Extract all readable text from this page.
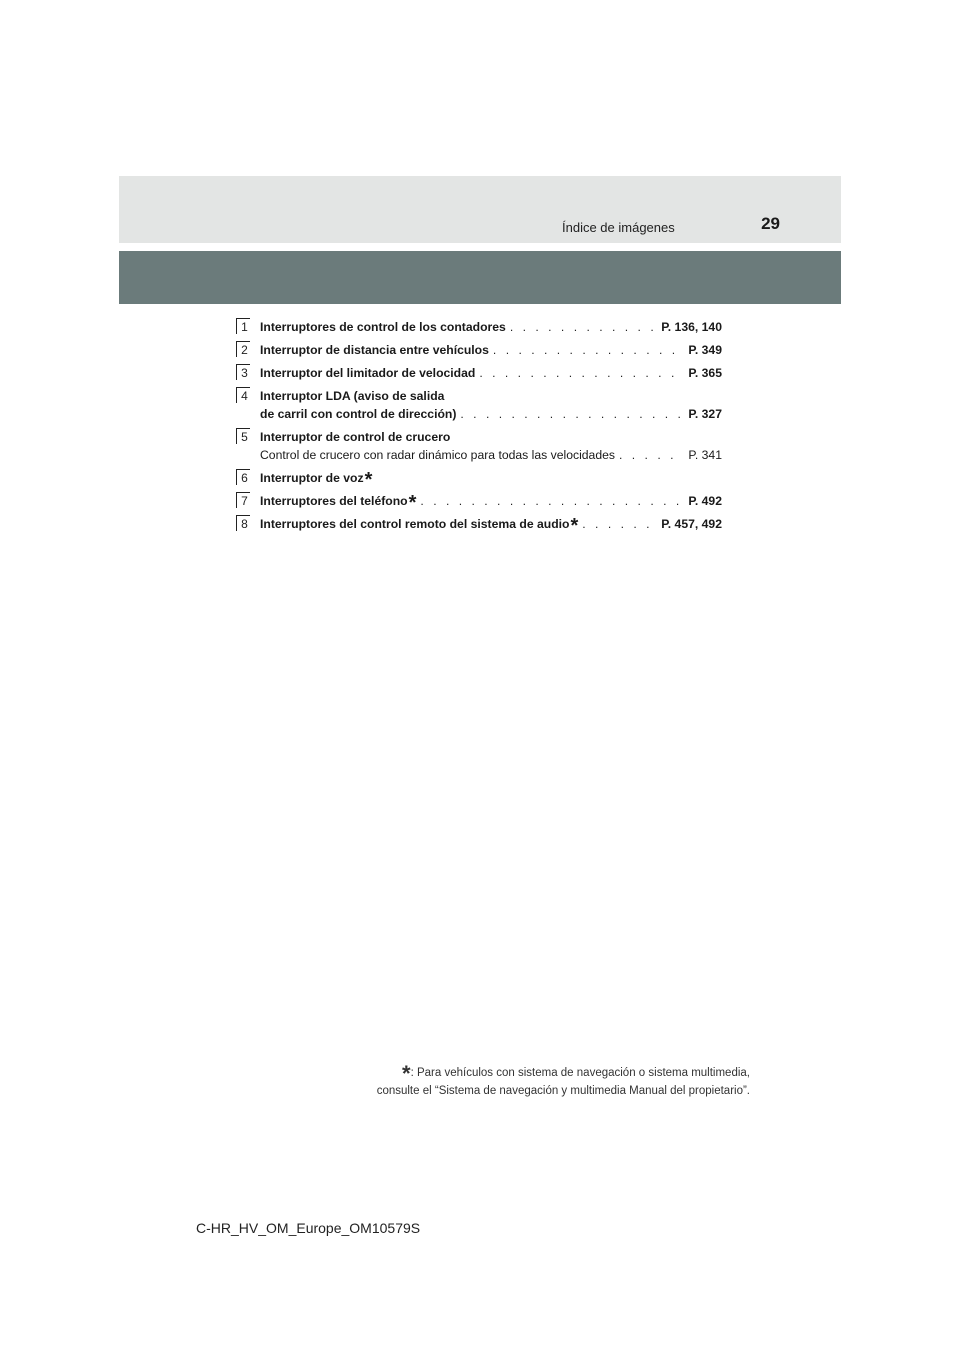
Índice de imágenes	29
1 Interruptores de control de los contadores . . .	P. 136, 140
2 Interruptor de distancia entre vehículos . . .	P. 349
3 Interruptor del limitador de velocidad . . .	P. 365
4 Interruptor LDA (aviso de salida
de carril con control de dirección) . . .	P. 327
5 Interruptor de control de crucero
Control de crucero con radar dinámico para todas las velocidades . . .	P. 341
6 Interruptor de voz *
7 Interruptores del teléfono * . . .	P. 492
8 Interruptores del control remoto del sistema de audio * . . .	P. 457, 492
*: Para vehículos con sistema de navegación o sistema multimedia,
consulte el “Sistema de navegación y multimedia Manual del propietario”.
C-HR_HV_OM_Europe_OM10579S
